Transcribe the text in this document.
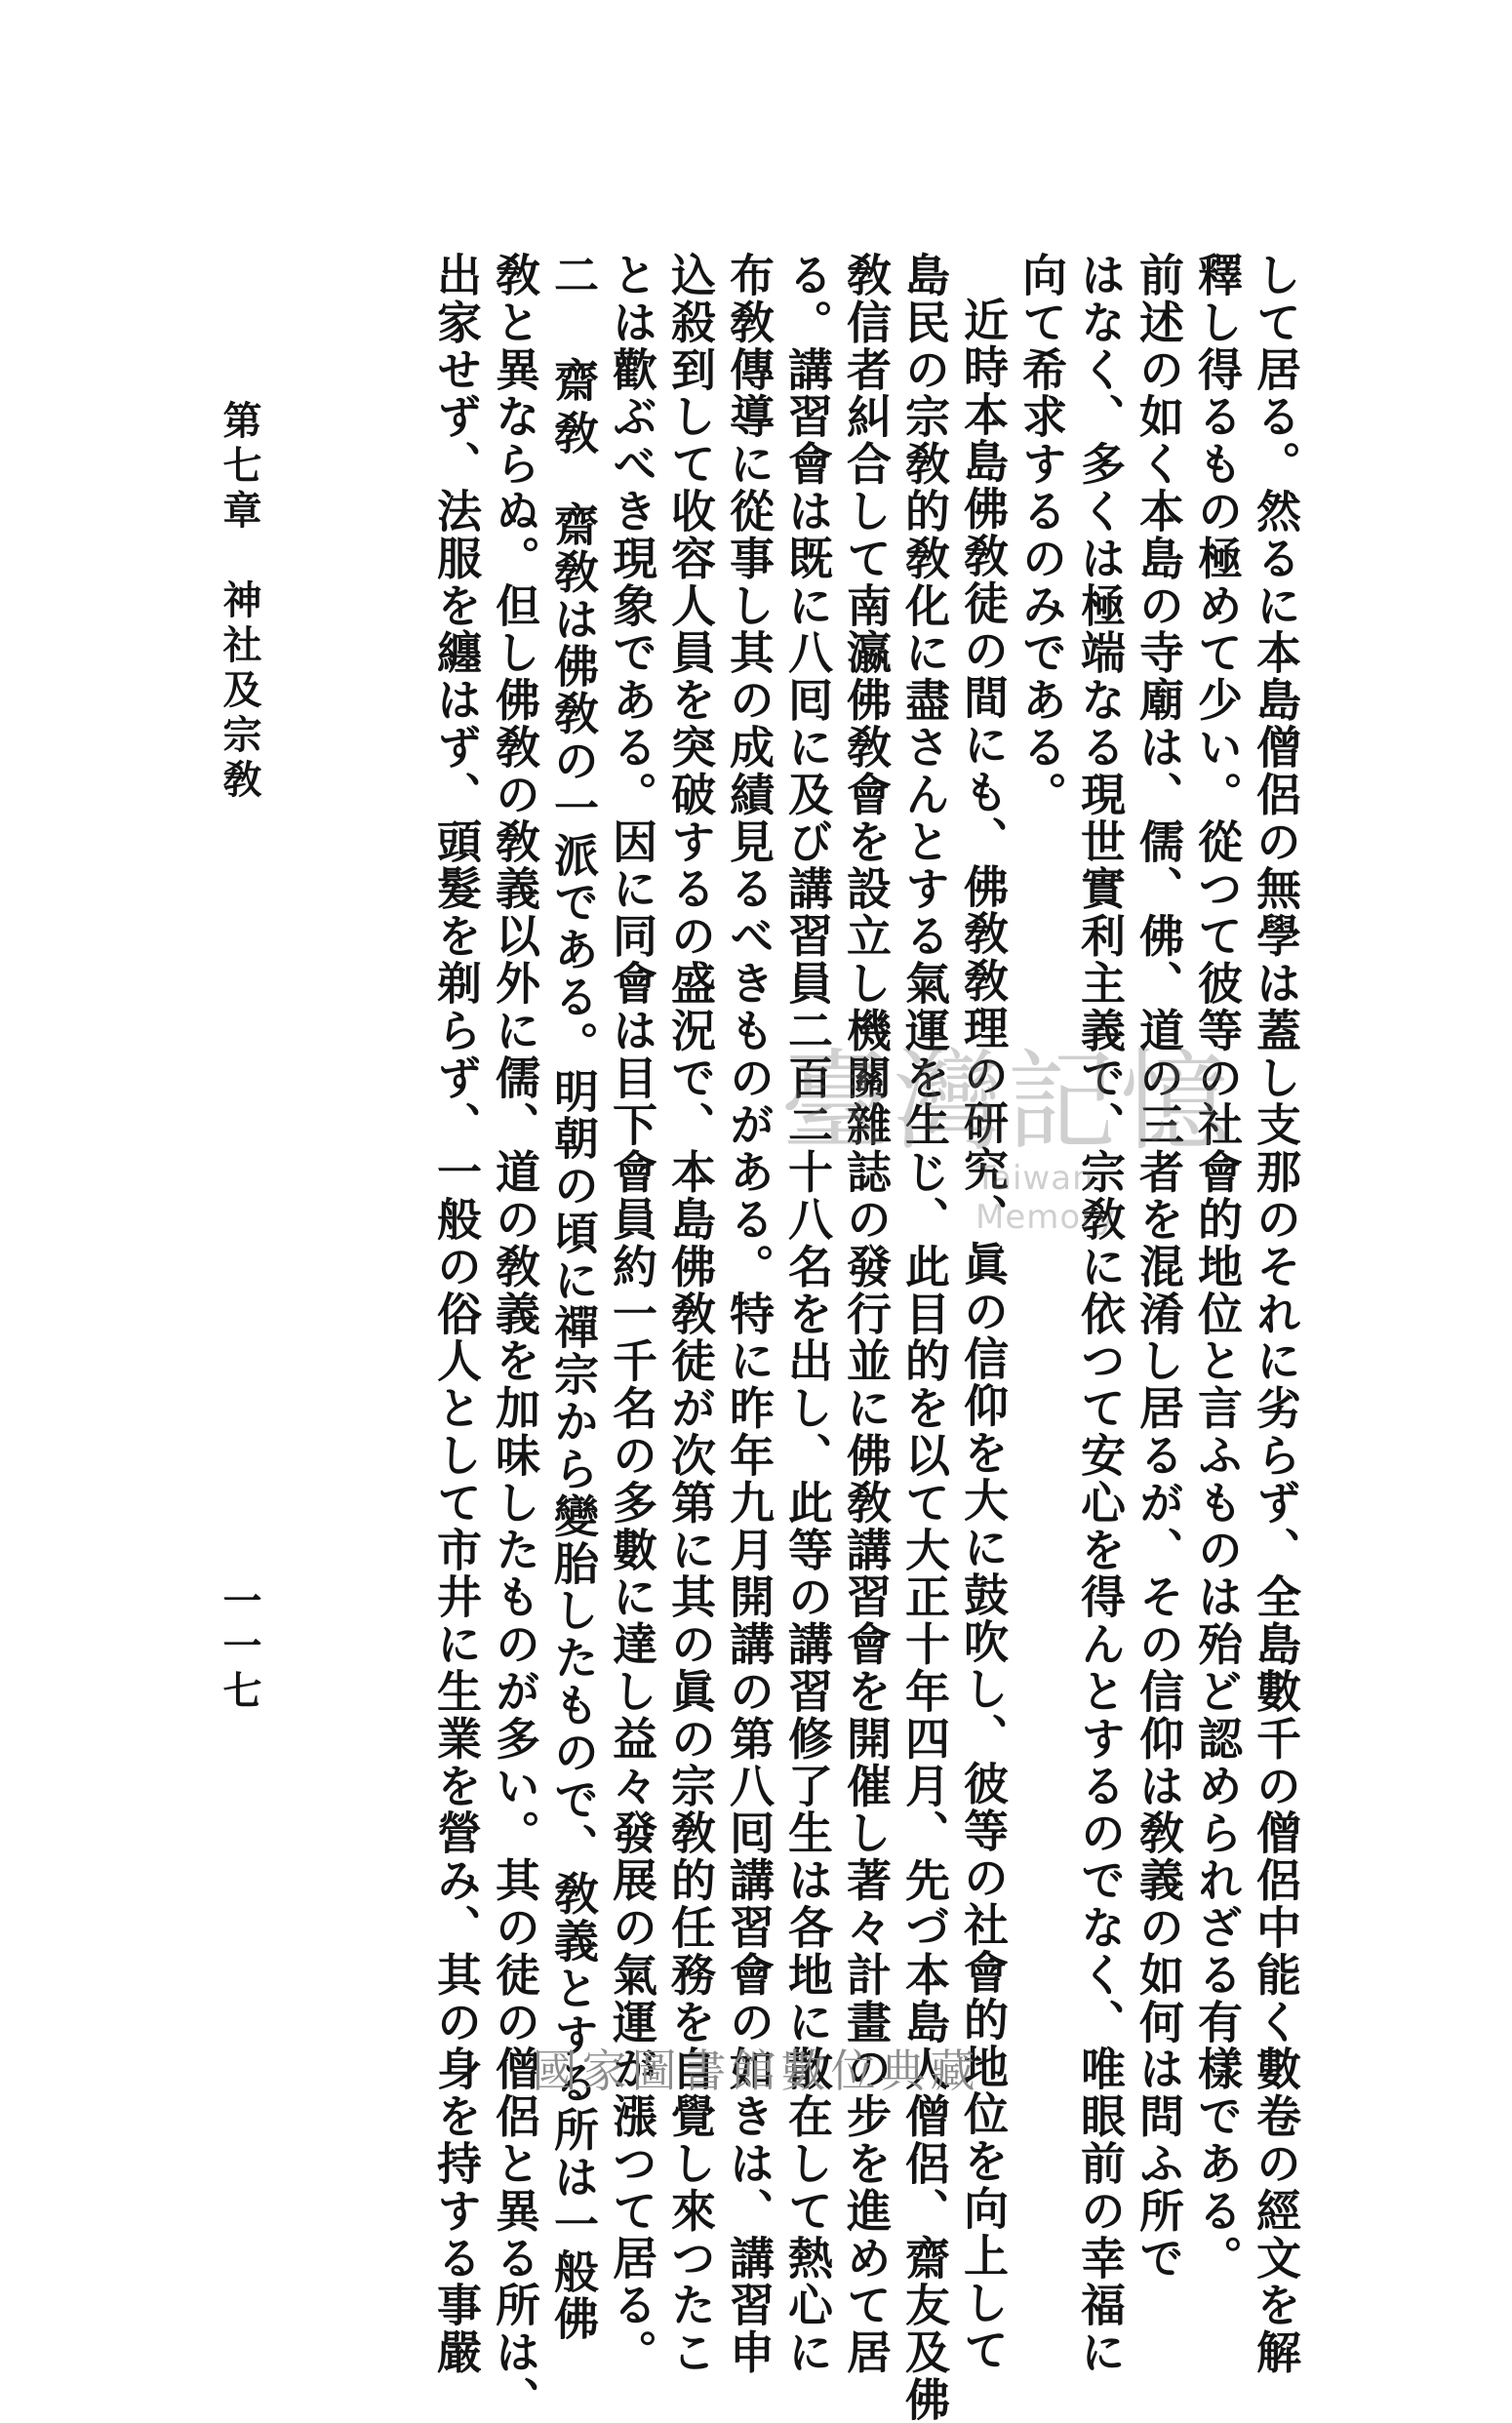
して居る。然るに本島僧侶の無學は蓋し支那のそれに劣らず、全島數千の僧侶中能く數卷の經文を解
釋し得るもの極めて少い。從つて彼等の社會的地位と言ふものは殆ど認められざる有樣である。
前述の如く本島の寺廟は、儒、佛、道の三者を混淆し居るが、その信仰は敎義の如何は問ふ所で
はなく、多くは極端なる現世實利主義で、宗敎に依つて安心を得んとするのでなく、唯眼前の幸福に
向て希求するのみである。
近時本島佛敎徒の間にも、佛敎敎理の研究、眞の信仰を大に鼓吹し、彼等の社會的地位を向上して
島民の宗敎的敎化に盡さんとする氣運を生じ、此目的を以て大正十年四月、先づ本島人僧侶、齋友及佛
敎信者糾合して南瀛佛敎會を設立し機關雜誌の發行並に佛敎講習會を開催し著々計畫の步を進めて居
る。講習會は既に八囘に及び講習員二百二十八名を出し、此等の講習修了生は各地に散在して熱心に
布敎傳導に從事し其の成績見るべきものがある。特に昨年九月開講の第八囘講習會の如きは、講習申
込殺到して收容人員を突破するの盛況で、本島佛敎徒が次第に其の眞の宗敎的任務を自覺し來つたこ
とは歡ぶべき現象である。因に同會は目下會員約一千名の多數に達し益々發展の氣運が漲つて居る。
二　齋敎齋敎は佛敎の一派である。明朝の頃に禪宗から變胎したもので、敎義とする所は一般佛
敎と異ならぬ。但し佛敎の敎義以外に儒、道の敎義を加味したものが多い。其の徒の僧侶と異る所は、
出家せず、法服を纏はず、頭髮を剃らず、一般の俗人として市井に生業を營み、其の身を持する事嚴
第七章　神社及宗敎
一一七
臺灣記憶
Taiwan Memory
國家圖書館數位典藏
